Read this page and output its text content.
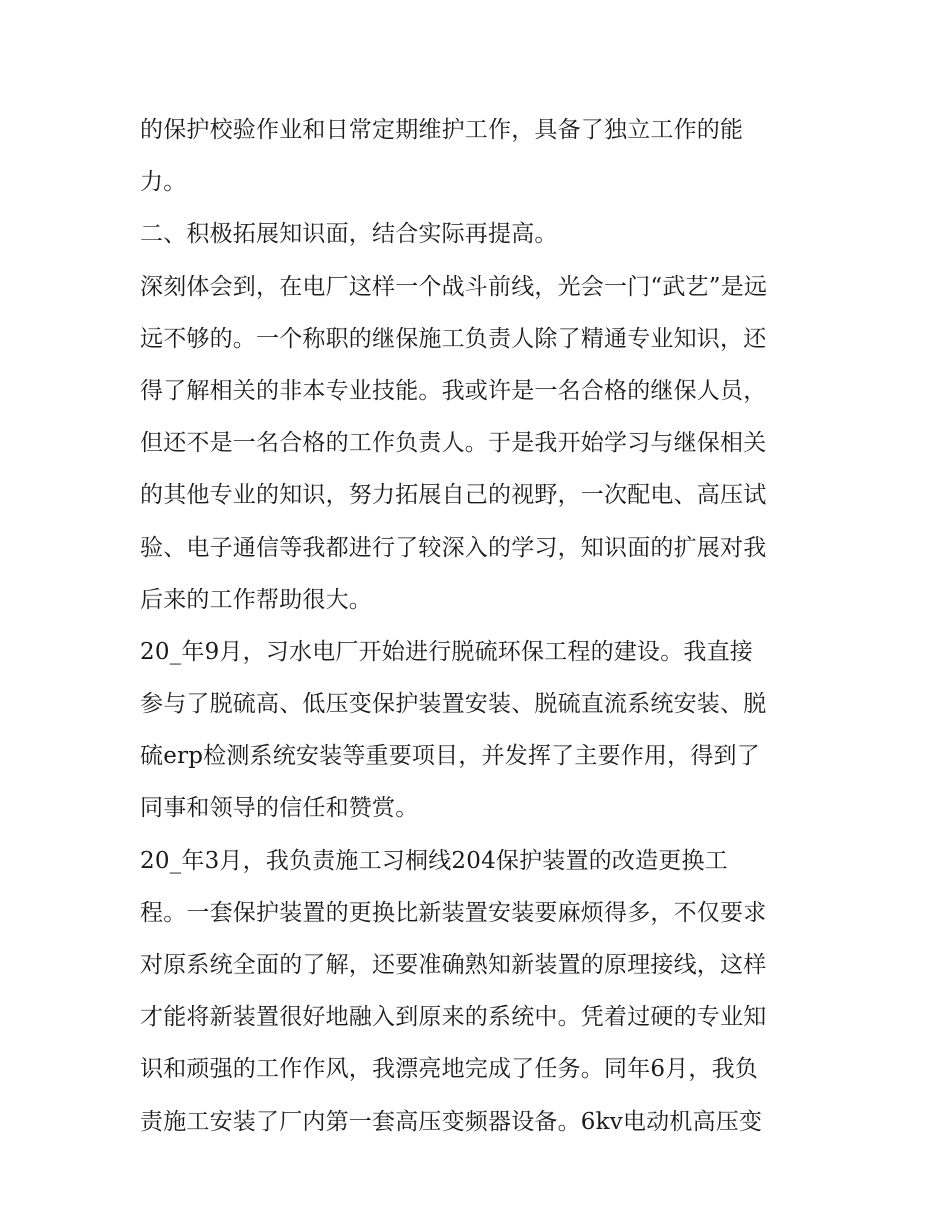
的保护校验作业和日常定期维护工作，具备了独立工作的能
力。
二、积极拓展知识面，结合实际再提高。
深刻体会到，在电厂这样一个战斗前线，光会一门“武艺”是远
远不够的。一个称职的继保施工负责人除了精通专业知识，还
得了解相关的非本专业技能。我或许是一名合格的继保人员，
但还不是一名合格的工作负责人。于是我开始学习与继保相关
的其他专业的知识，努力拓展自己的视野，一次配电、高压试
验、电子通信等我都进行了较深入的学习，知识面的扩展对我
后来的工作帮助很大。
20_年9月，习水电厂开始进行脱硫环保工程的建设。我直接
参与了脱硫高、低压变保护装置安装、脱硫直流系统安装、脱
硫erp检测系统安装等重要项目，并发挥了主要作用，得到了
同事和领导的信任和赞赏。
20_年3月，我负责施工习桐线204保护装置的改造更换工
程。一套保护装置的更换比新装置安装要麻烦得多，不仅要求
对原系统全面的了解，还要准确熟知新装置的原理接线，这样
才能将新装置很好地融入到原来的系统中。凭着过硬的专业知
识和顽强的工作作风，我漂亮地完成了任务。同年6月，我负
责施工安装了厂内第一套高压变频器设备。6kv电动机高压变
